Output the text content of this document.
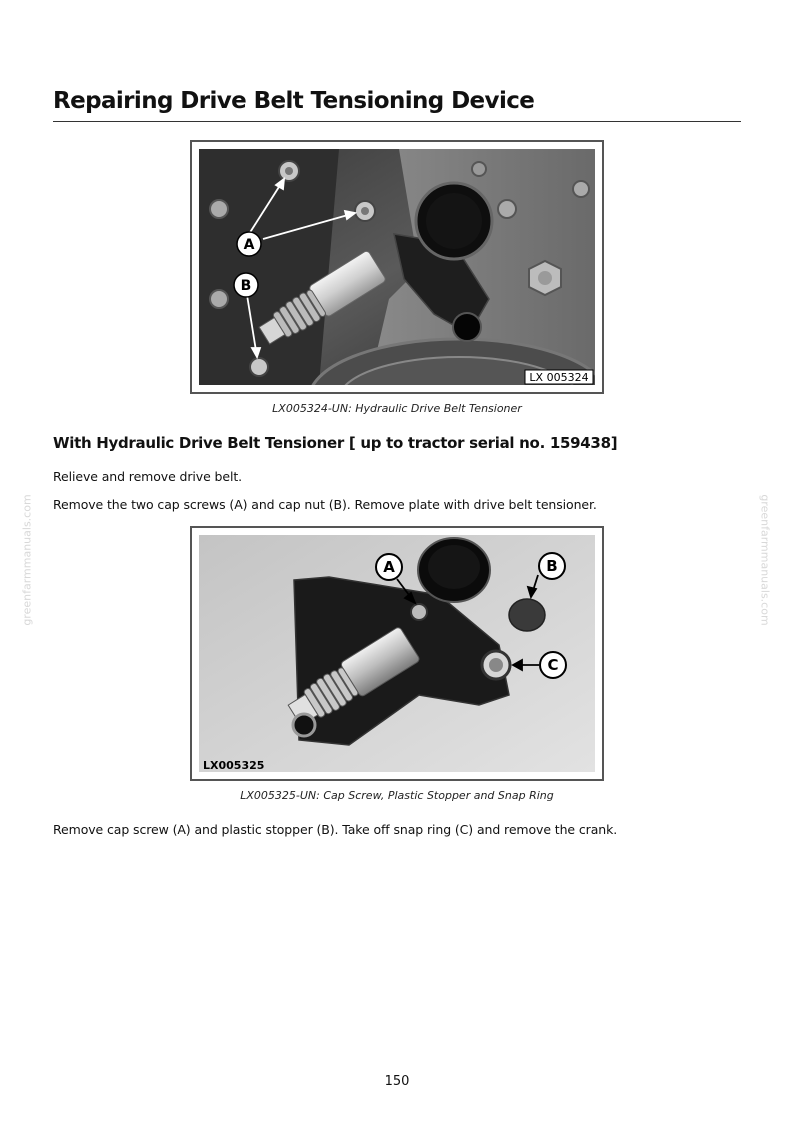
Repairing Drive Belt Tensioning Device
A
B
LX 005324
LX005324-UN: Hydraulic Drive Belt Tensioner
With Hydraulic Drive Belt Tensioner [ up to tractor serial no. 159438]
Relieve and remove drive belt.
Remove the two cap screws (A) and cap nut (B). Remove plate with drive belt tensioner.
A	B
C
LX005325
LX005325-UN: Cap Screw, Plastic Stopper and Snap Ring
Remove cap screw (A) and plastic stopper (B). Take off snap ring (C) and remove the crank.
greenfarmmanuals.com	greenfarmmanuals.com
150
